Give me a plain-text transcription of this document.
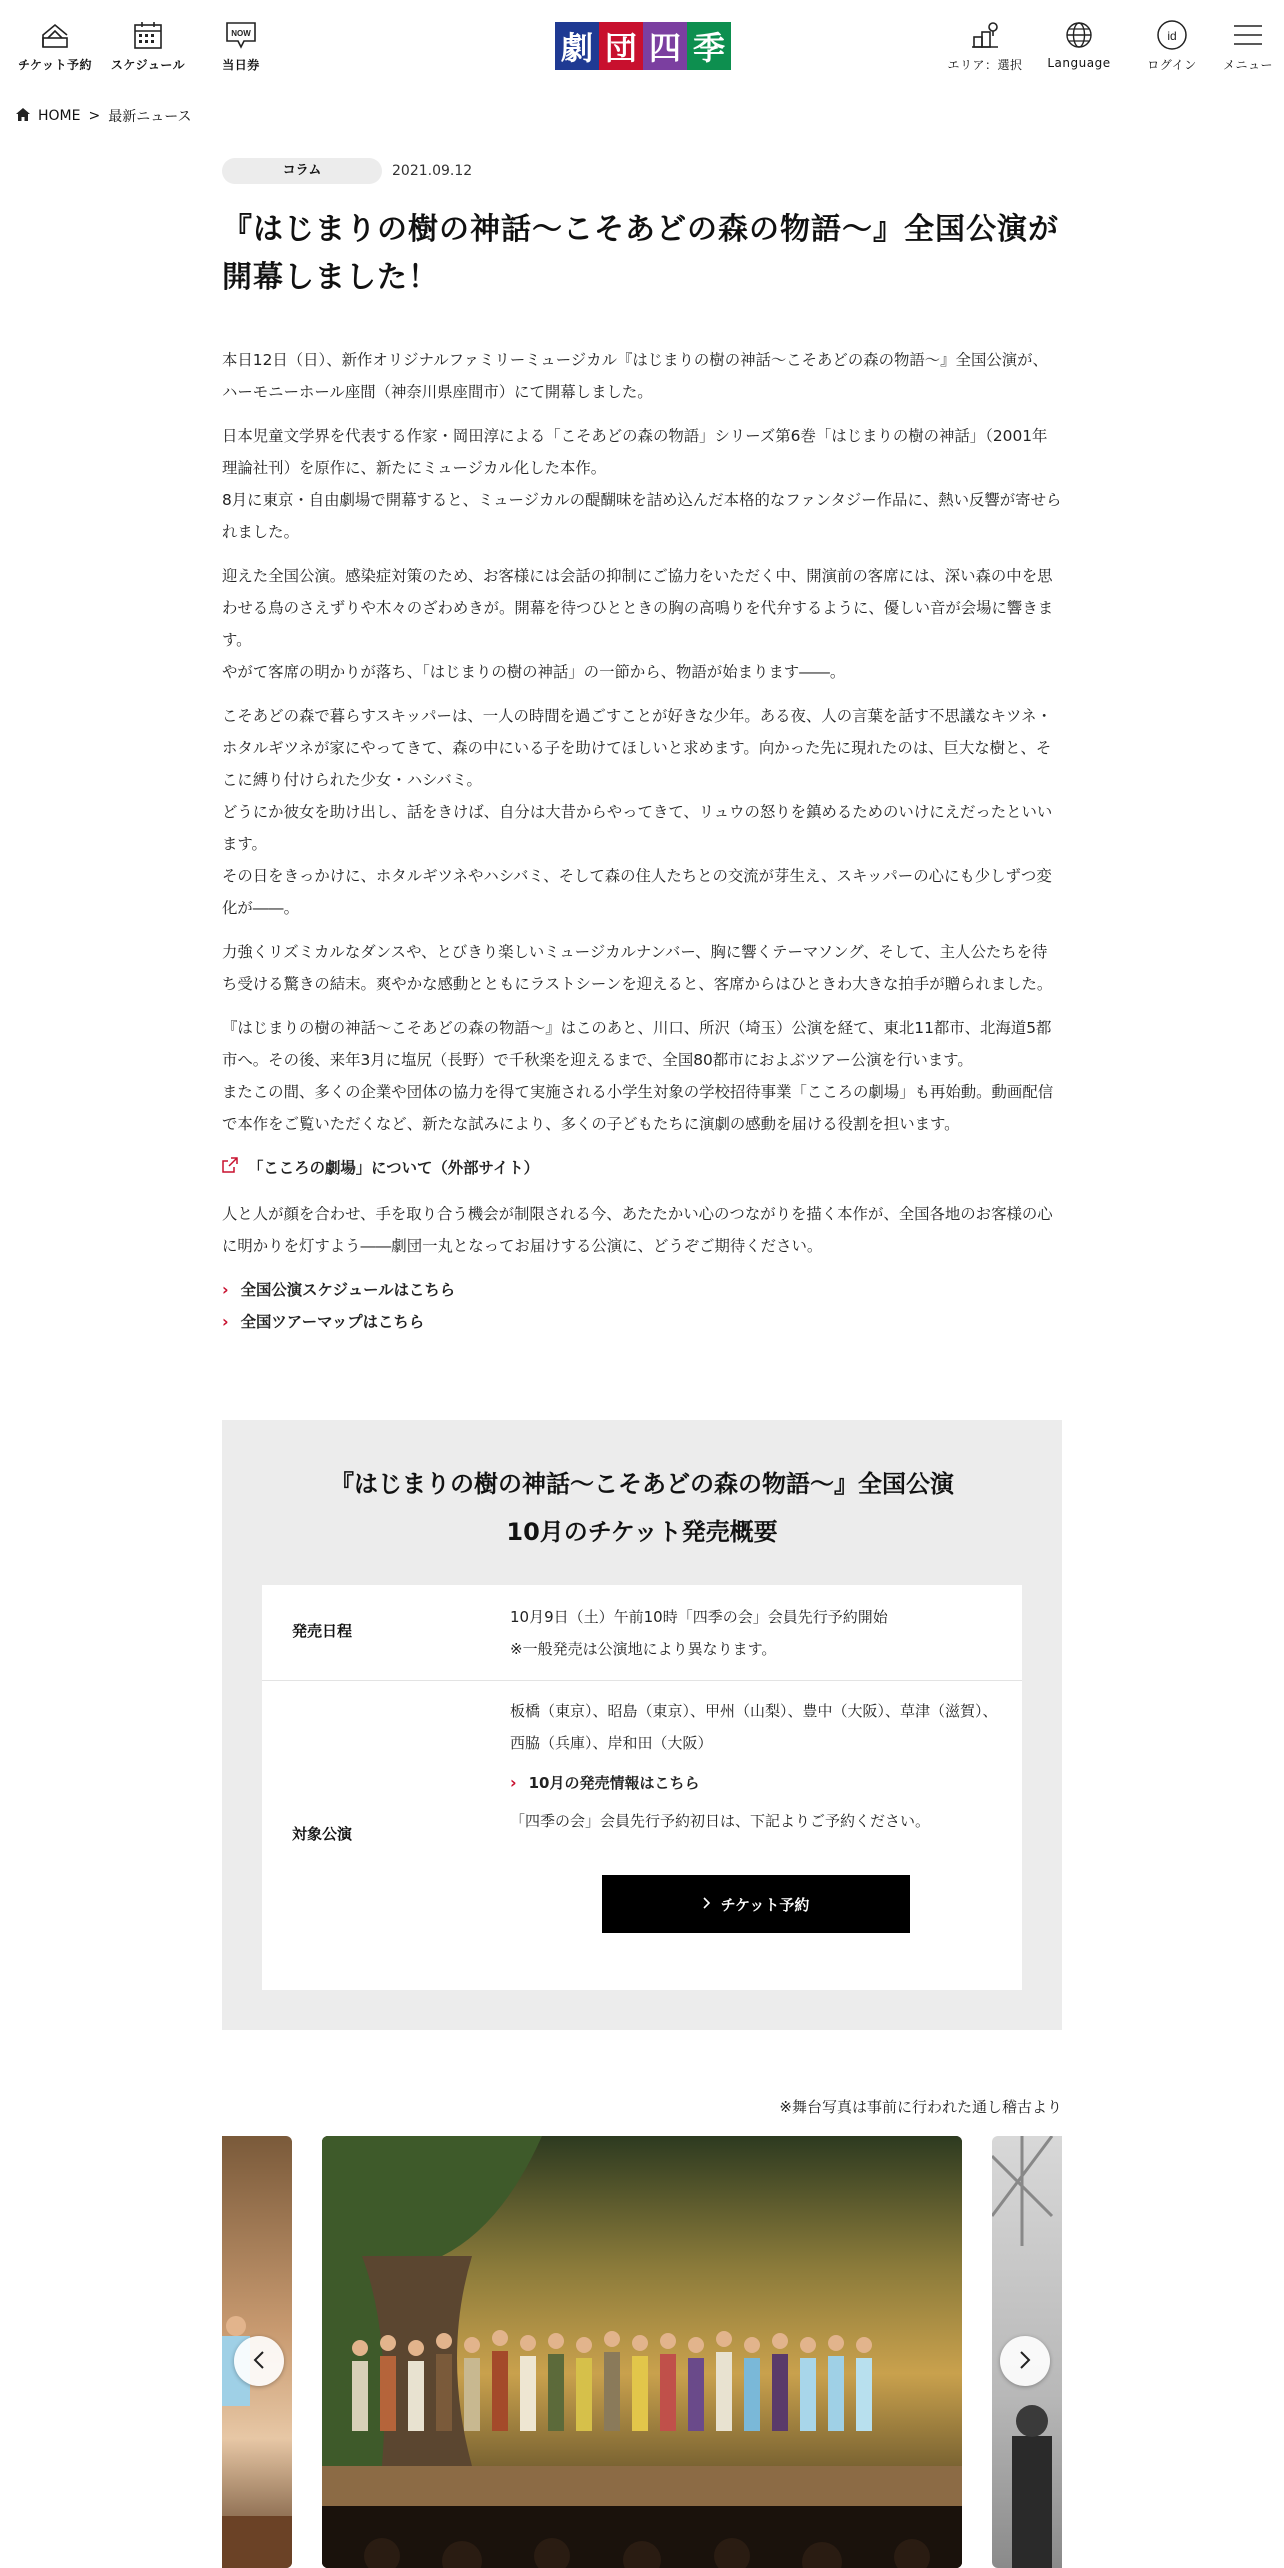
チケット予約 スケジュール
NOW
当日券	劇 団 四 季	エリア：選択 Language
id
ログイン メニュー
HOME > 最新ニュース
コラム	2021.09.12
『はじまりの樹の神話～こそあどの森の物語～』全国公演が
開幕しました！

本日12日（日）、新作オリジナルファミリーミュージカル『はじまりの樹の神話～こそあどの森の物語～』全国公演が、ハーモニーホール座間（神奈川県座間市）にて開幕しました。

日本児童文学界を代表する作家・岡田淳による「こそあどの森の物語」シリーズ第6巻「はじまりの樹の神話」（2001年理論社刊）を原作に、新たにミュージカル化した本作。
8月に東京・自由劇場で開幕すると、ミュージカルの醍醐味を詰め込んだ本格的なファンタジー作品に、熱い反響が寄せられました。

迎えた全国公演。感染症対策のため、お客様には会話の抑制にご協力をいただく中、開演前の客席には、深い森の中を思わせる鳥のさえずりや木々のざわめきが。開幕を待つひとときの胸の高鳴りを代弁するように、優しい音が会場に響きます。
やがて客席の明かりが落ち、「はじまりの樹の神話」の一節から、物語が始まります――。

こそあどの森で暮らすスキッパーは、一人の時間を過ごすことが好きな少年。ある夜、人の言葉を話す不思議なキツネ・ホタルギツネが家にやってきて、森の中にいる子を助けてほしいと求めます。向かった先に現れたのは、巨大な樹と、そこに縛り付けられた少女・ハシバミ。
どうにか彼女を助け出し、話をきけば、自分は大昔からやってきて、リュウの怒りを鎮めるためのいけにえだったといいます。
その日をきっかけに、ホタルギツネやハシバミ、そして森の住人たちとの交流が芽生え、スキッパーの心にも少しずつ変化が――。

力強くリズミカルなダンスや、とびきり楽しいミュージカルナンバー、胸に響くテーマソング、そして、主人公たちを待ち受ける驚きの結末。爽やかな感動とともにラストシーンを迎えると、客席からはひときわ大きな拍手が贈られました。

『はじまりの樹の神話～こそあどの森の物語～』はこのあと、川口、所沢（埼玉）公演を経て、東北11都市、北海道5都市へ。その後、来年3月に塩尻（長野）で千秋楽を迎えるまで、全国80都市におよぶツアー公演を行います。
またこの間、多くの企業や団体の協力を得て実施される小学生対象の学校招待事業「こころの劇場」も再始動。動画配信で本作をご覧いただくなど、新たな試みにより、多くの子どもたちに演劇の感動を届ける役割を担います。

「こころの劇場」について（外部サイト）

人と人が顔を合わせ、手を取り合う機会が制限される今、あたたかい心のつながりを描く本作が、全国各地のお客様の心に明かりを灯すよう――劇団一丸となってお届けする公演に、どうぞご期待ください。

› 全国公演スケジュールはこちら
› 全国ツアーマップはこちら
『はじまりの樹の神話～こそあどの森の物語～』全国公演
10月のチケット発売概要
発売日程
10月9日（土）午前10時「四季の会」会員先行予約開始
※一般発売は公演地により異なります。
対象公演
板橋（東京）、昭島（東京）、甲州（山梨）、豊中（大阪）、草津（滋賀）、西脇（兵庫）、岸和田（大阪）
› 10月の発売情報はこちら
「四季の会」会員先行予約初日は、下記よりご予約ください。
チケット予約
※舞台写真は事前に行われた通し稽古より
